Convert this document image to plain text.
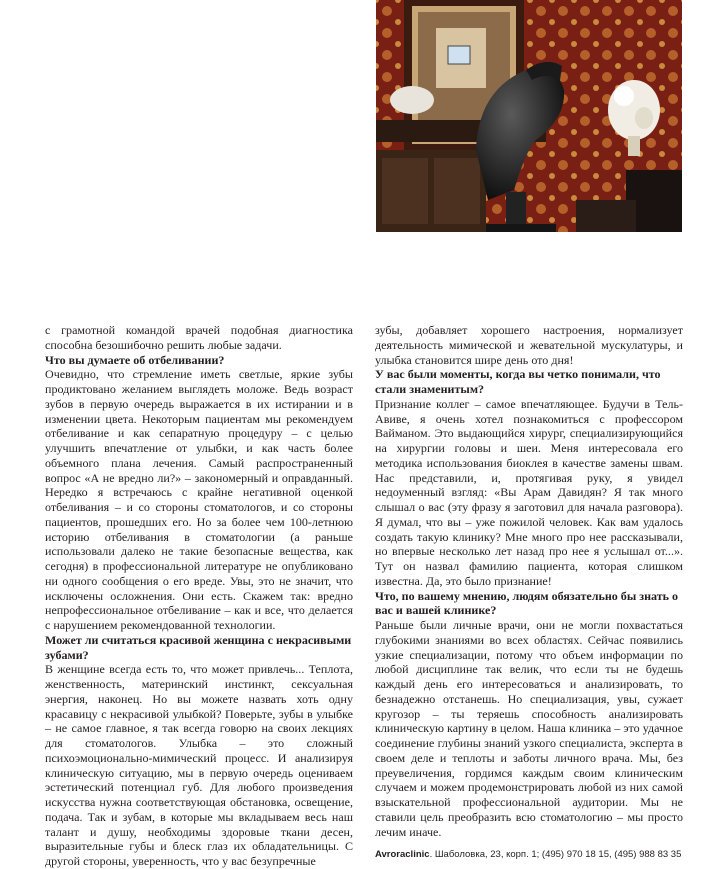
с грамотной командой врачей подобная диагностика способна безошибочно решить любые задачи.

Что вы думаете об отбеливании?

Очевидно, что стремление иметь светлые, яркие зубы продиктовано желанием выглядеть моложе. Ведь возраст зубов в первую очередь выражается в их истирании и в изменении цвета. Некоторым пациентам мы рекомендуем отбеливание и как сепаратную процедуру – с целью улучшить впечатление от улыбки, и как часть более объемного плана лечения. Самый распространенный вопрос «А не вредно ли?» – закономерный и оправданный. Нередко я встречаюсь с крайне негативной оценкой отбеливания – и со стороны стоматологов, и со стороны пациентов, прошедших его. Но за более чем 100-летнюю историю отбеливания в стоматологии (а раньше использовали далеко не такие безопасные вещества, как сегодня) в профессиональной литературе не опубликовано ни одного сообщения о его вреде. Увы, это не значит, что исключены осложнения. Они есть. Скажем так: вредно непрофессиональное отбеливание – как и все, что делается с нарушением рекомендованной технологии.

Может ли считаться красивой женщина с некрасивыми зубами?

В женщине всегда есть то, что может привлечь... Теплота, женственность, материнский инстинкт, сексуальная энергия, наконец. Но вы можете назвать хоть одну красавицу с некрасивой улыбкой? Поверьте, зубы в улыбке – не самое главное, я так всегда говорю на своих лекциях для стоматологов. Улыбка – это сложный психоэмоционально-мимический процесс. И анализируя клиническую ситуацию, мы в первую очередь оцениваем эстетический потенциал губ. Для любого произведения искусства нужна соответствующая обстановка, освещение, подача. Так и зубам, в которые мы вкладываем весь наш талант и душу, необходимы здоровые ткани десен, выразительные губы и блеск глаз их обладательницы. С другой стороны, уверенность, что у вас безупречные

зубы, добавляет хорошего настроения, нормализует деятельность мимической и жевательной мускулатуры, и улыбка становится шире день ото дня!

У вас были моменты, когда вы четко понимали, что стали знаменитым?

Признание коллег – самое впечатляющее. Будучи в Тель-Авиве, я очень хотел познакомиться с профессором Вайманом. Это выдающийся хирург, специализирующийся на хирургии головы и шеи. Меня интересовала его методика использования биоклея в качестве замены швам. Нас представили, и, протягивая руку, я увидел недоуменный взгляд: «Вы Арам Давидян? Я так много слышал о вас (эту фразу я заготовил для начала разговора). Я думал, что вы – уже пожилой человек. Как вам удалось создать такую клинику? Мне много про нее рассказывали, но впервые несколько лет назад про нее я услышал от...». Тут он назвал фамилию пациента, которая слишком известна. Да, это было признание!

Что, по вашему мнению, людям обязательно бы знать о вас и вашей клинике?

Раньше были личные врачи, они не могли похвастаться глубокими знаниями во всех областях. Сейчас появились узкие специализации, потому что объем информации по любой дисциплине так велик, что если ты не будешь каждый день его интересоваться и анализировать, то безнадежно отстанешь. Но специализация, увы, сужает кругозор – ты теряешь способность анализировать клиническую картину в целом. Наша клиника – это удачное соединение глубины знаний узкого специалиста, эксперта в своем деле и теплоты и заботы личного врача. Мы, без преувеличения, гордимся каждым своим клиническим случаем и можем продемонстрировать любой из них самой взыскательной профессиональной аудитории. Мы не ставили цель преобразить всю стоматологию – мы просто лечим иначе.

Avroraclinic. Шаболовка, 23, корп. 1; (495) 970 18 15, (495) 988 83 35
